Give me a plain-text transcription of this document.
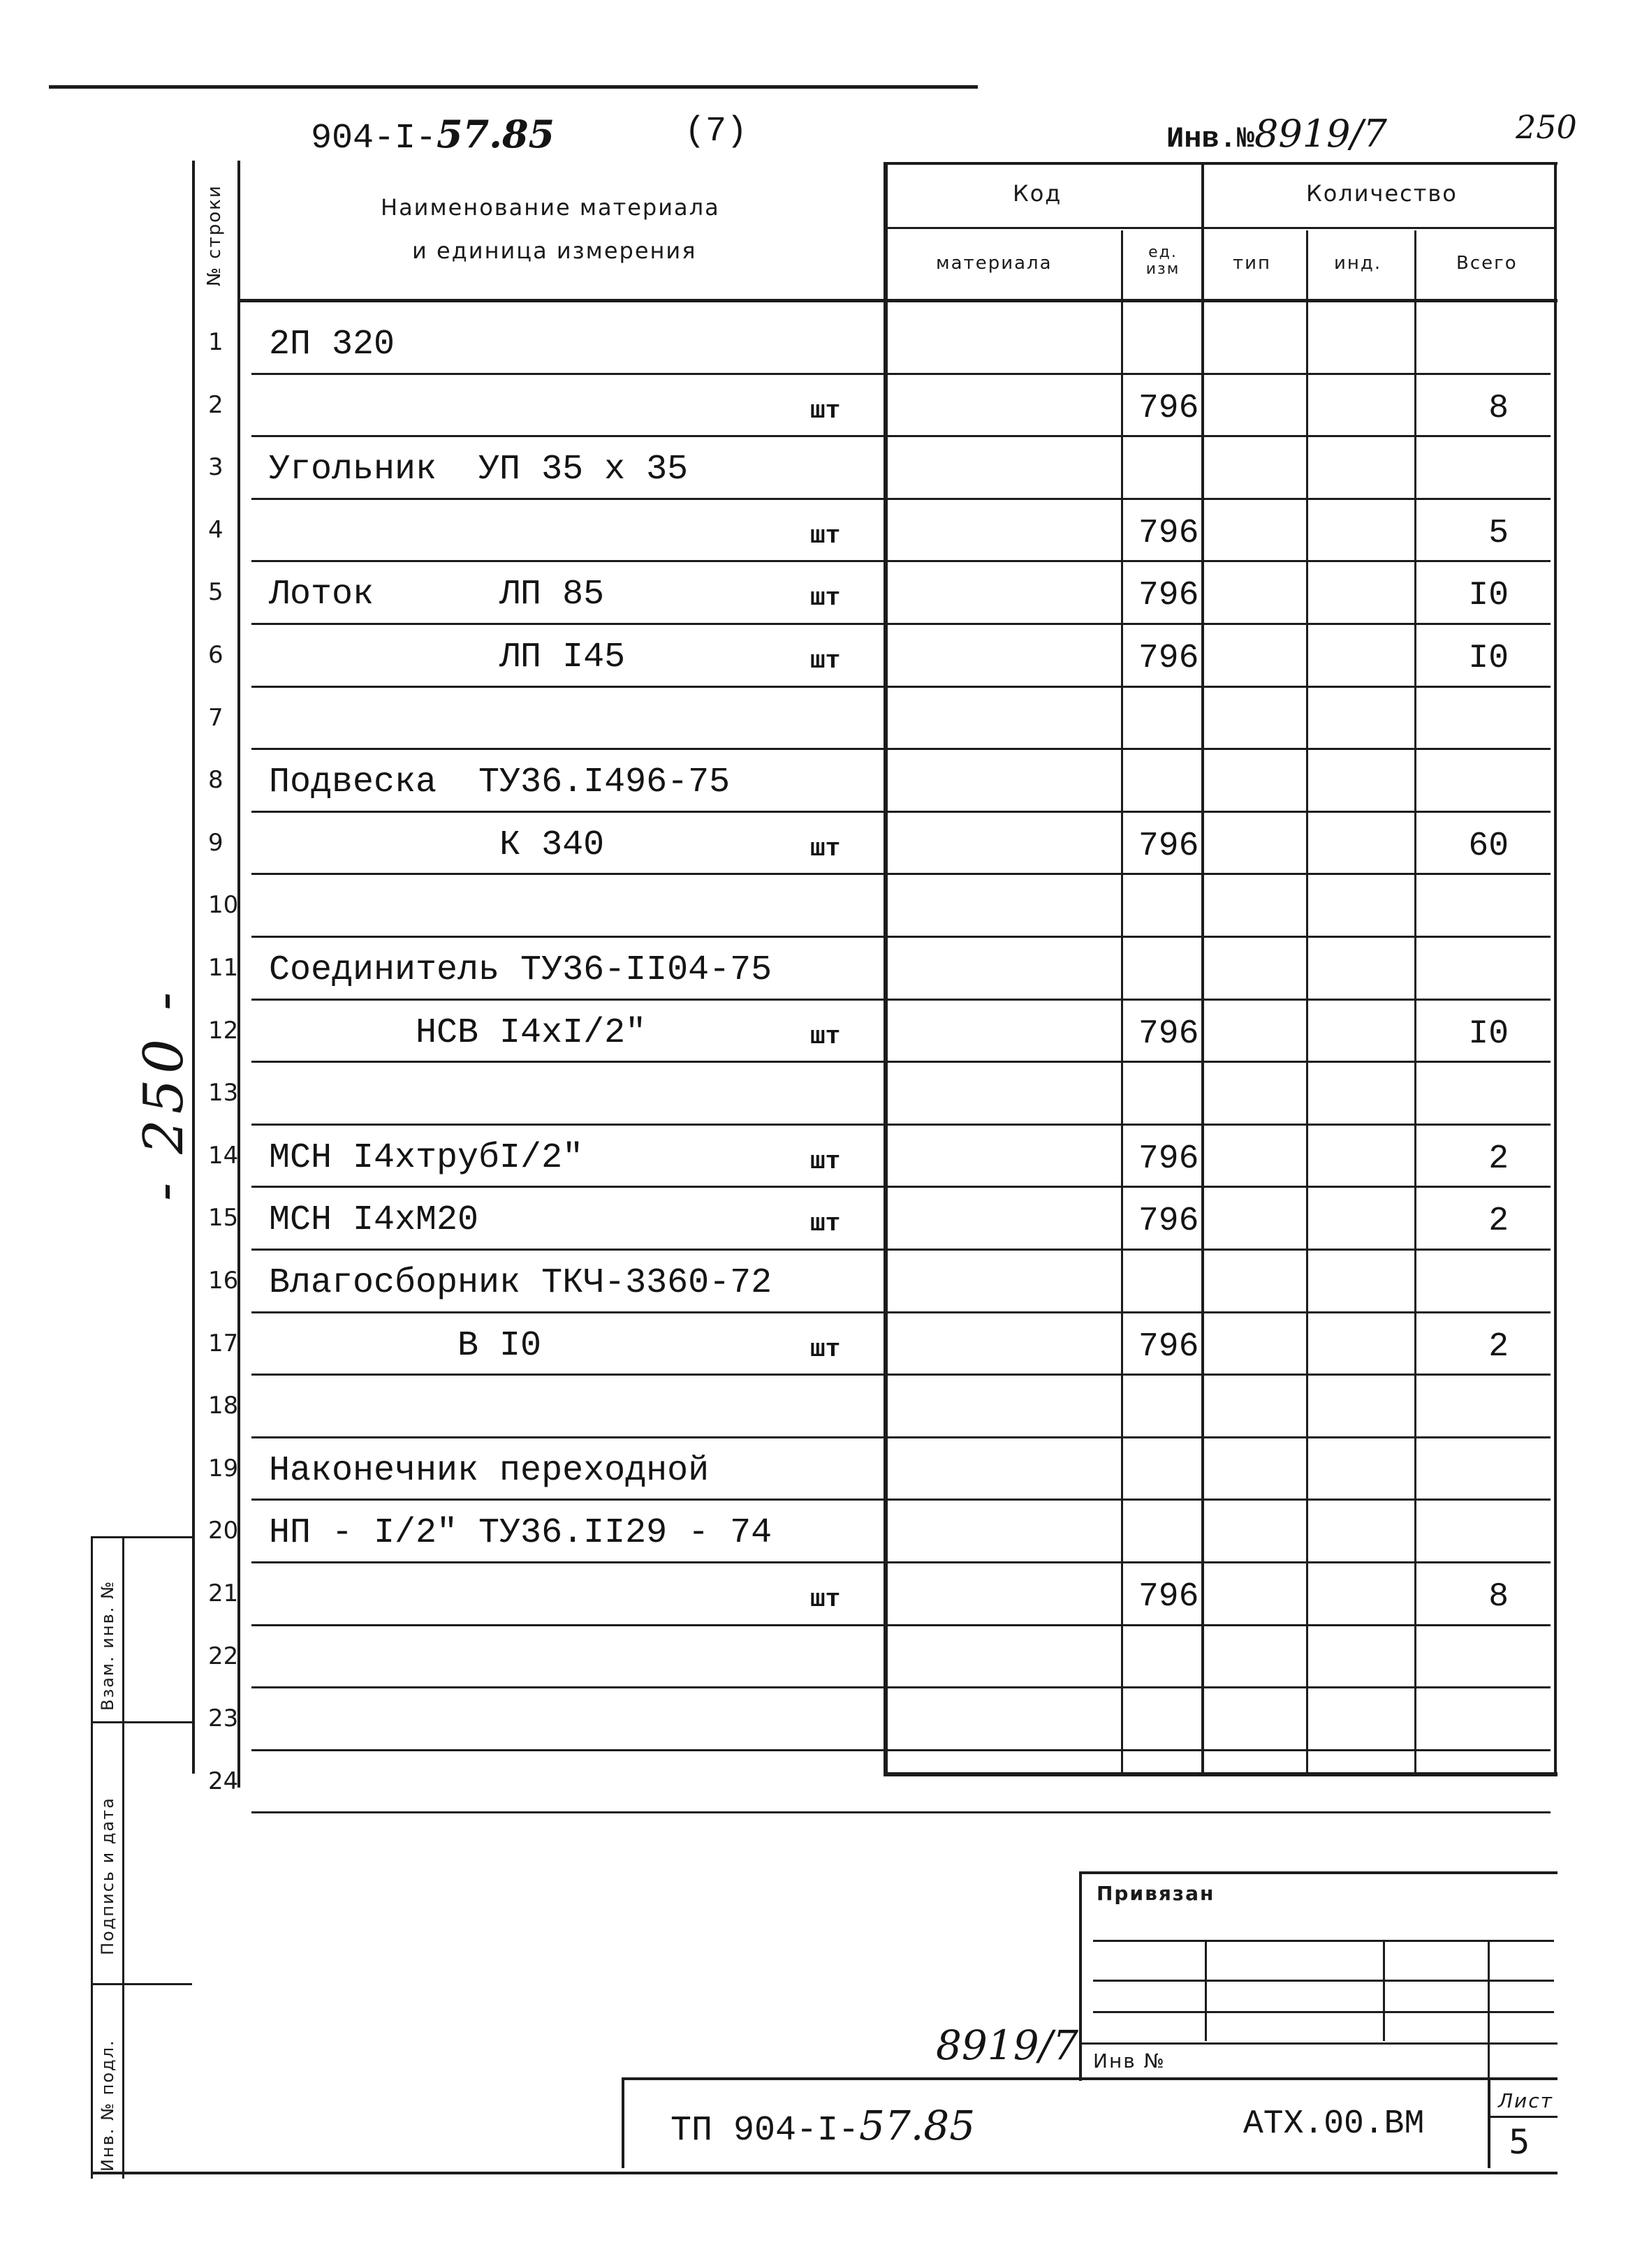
904-I-57.85	(7)	Инв.№8919/7	250
№ строки	Наименование материала
и единица измерения
Код
материала
ед. изм
Количество
тип	инд.	Всего
1 2П 320
2	шт	796	8
3 Угольник  УП 35 х 35
4	шт	796	5
5 Лоток      ЛП 85	шт	796	I0
6 ЛП I45	шт	796	I0
7
8 Подвеска  ТУ36.I496-75
9 К 340	шт	796	60
10
11 Соединитель ТУ36-II04-75
12 НСВ I4хI/2"	шт	796	I0
13
14 МСН I4хтрубI/2"	шт	796	2
15 МСН I4хМ20	шт	796	2
16 Влагосборник ТКЧ-3360-72
17 В I0	шт	796	2
18
19 Наконечник переходной
20 НП - I/2" ТУ36.II29 - 74
21	шт	796	8
22
23
24
- 250 -
Взам. инв. №
Подпись и дата
Инв. № подл.
Привязан
Инв №
8919/7
ТП 904-I-57.85	АТХ.00.ВМ
Лист
5
